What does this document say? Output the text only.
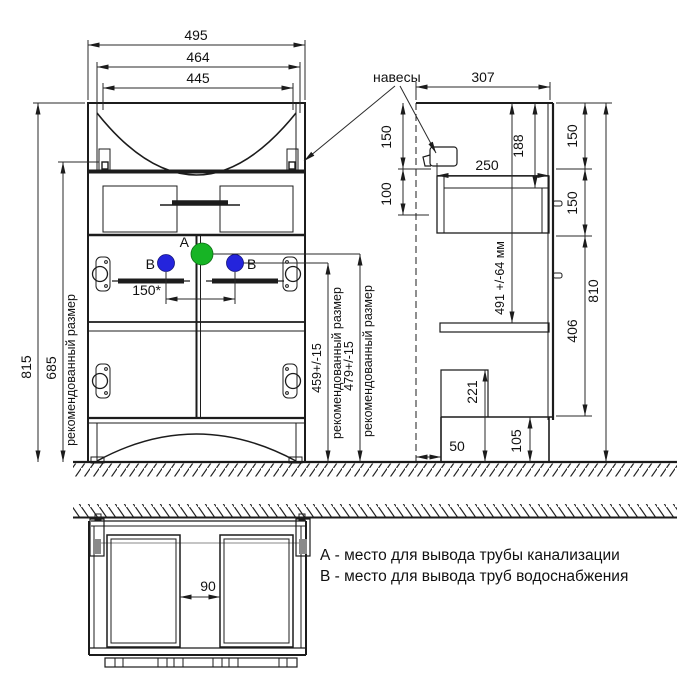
495
464
445
815 685 рекомендованный размер
A
B	B
150*
459+/-15 рекомендованный размер
479+/-15 рекомендованный размер
навесы	307
150
100
188
250
491 +/-64 мм
150
150
406
810
50	105
221
90
А - место для вывода трубы канализации
В - место для вывода труб водоснабжения
